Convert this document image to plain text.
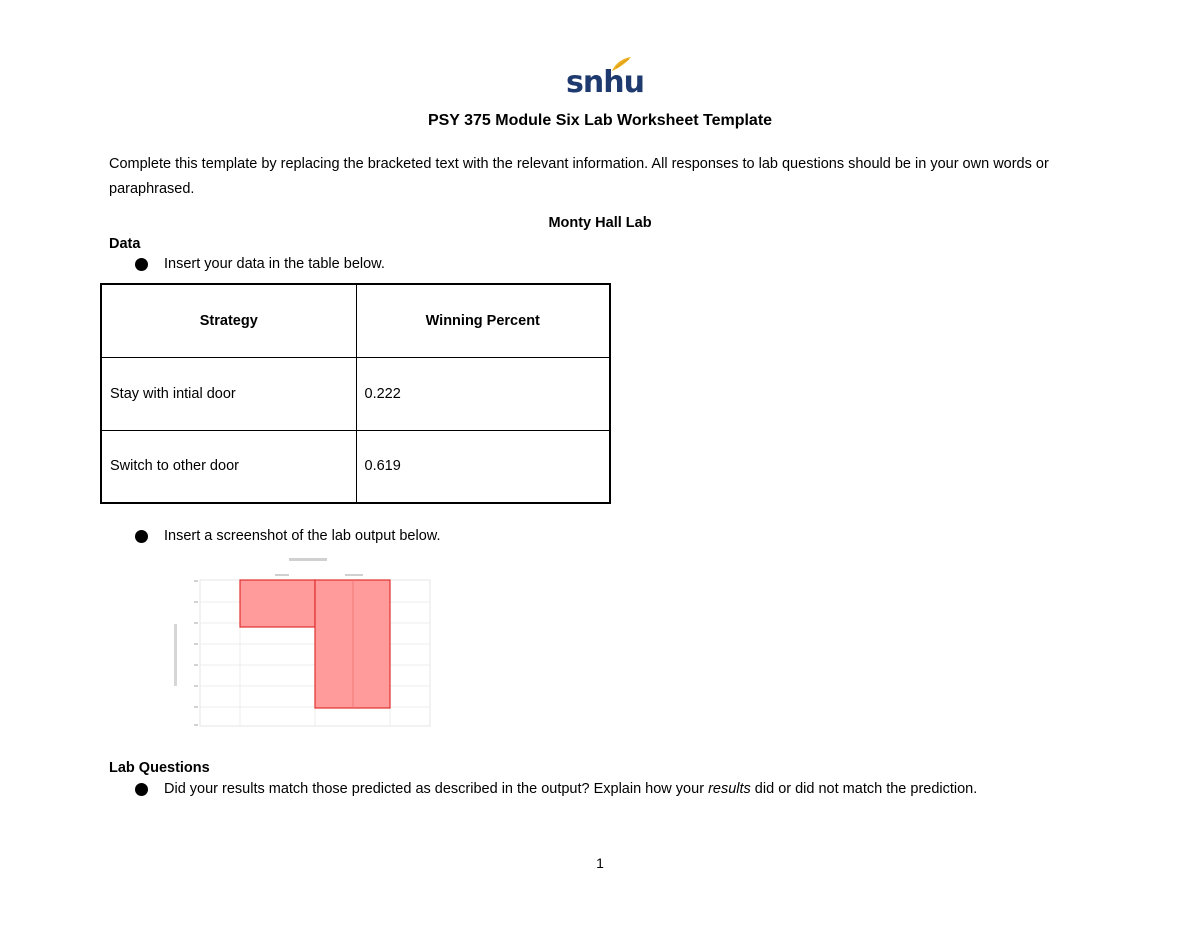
snhu
PSY 375 Module Six Lab Worksheet Template
Complete this template by replacing the bracketed text with the relevant information. All responses to lab questions should be in your own words or paraphrased.
Monty Hall Lab
Data
Insert your data in the table below.
Strategy	Winning Percent
Stay with intial door	0.222
Switch to other door	0.619
Insert a screenshot of the lab output below.
Lab Questions
Did your results match those predicted as described in the output? Explain how your results did or did not match the prediction.
1
